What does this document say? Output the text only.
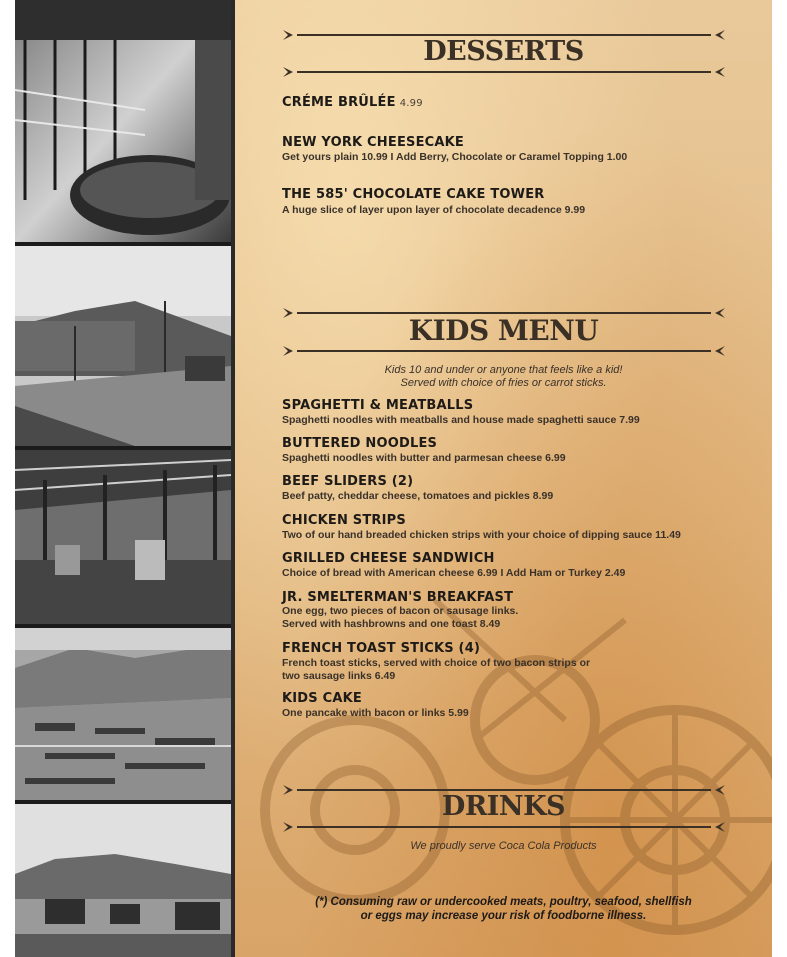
DESSERTS
CRÉME BRÛLÉE 4.99
NEW YORK CHEESECAKE
Get yours plain 10.99 I Add Berry, Chocolate or Caramel Topping 1.00
THE 585' CHOCOLATE CAKE TOWER
A huge slice of layer upon layer of chocolate decadence 9.99
KIDS MENU
Kids 10 and under or anyone that feels like a kid!
Served with choice of fries or carrot sticks.
SPAGHETTI & MEATBALLS
Spaghetti noodles with meatballs and house made spaghetti sauce 7.99
BUTTERED NOODLES
Spaghetti noodles with butter and parmesan cheese 6.99
BEEF SLIDERS (2)
Beef patty, cheddar cheese, tomatoes and pickles 8.99
CHICKEN STRIPS
Two of our hand breaded chicken strips with your choice of dipping sauce 11.49
GRILLED CHEESE SANDWICH
Choice of bread with American cheese 6.99 I Add Ham or Turkey 2.49
JR. SMELTERMAN'S BREAKFAST
One egg, two pieces of bacon or sausage links.
Served with hashbrowns and one toast 8.49
FRENCH TOAST STICKS (4)
French toast sticks, served with choice of two bacon strips or
two sausage links 6.49
KIDS CAKE
One pancake with bacon or links 5.99
DRINKS
We proudly serve Coca Cola Products
(*) Consuming raw or undercooked meats, poultry, seafood, shellfish
or eggs may increase your risk of foodborne illness.
